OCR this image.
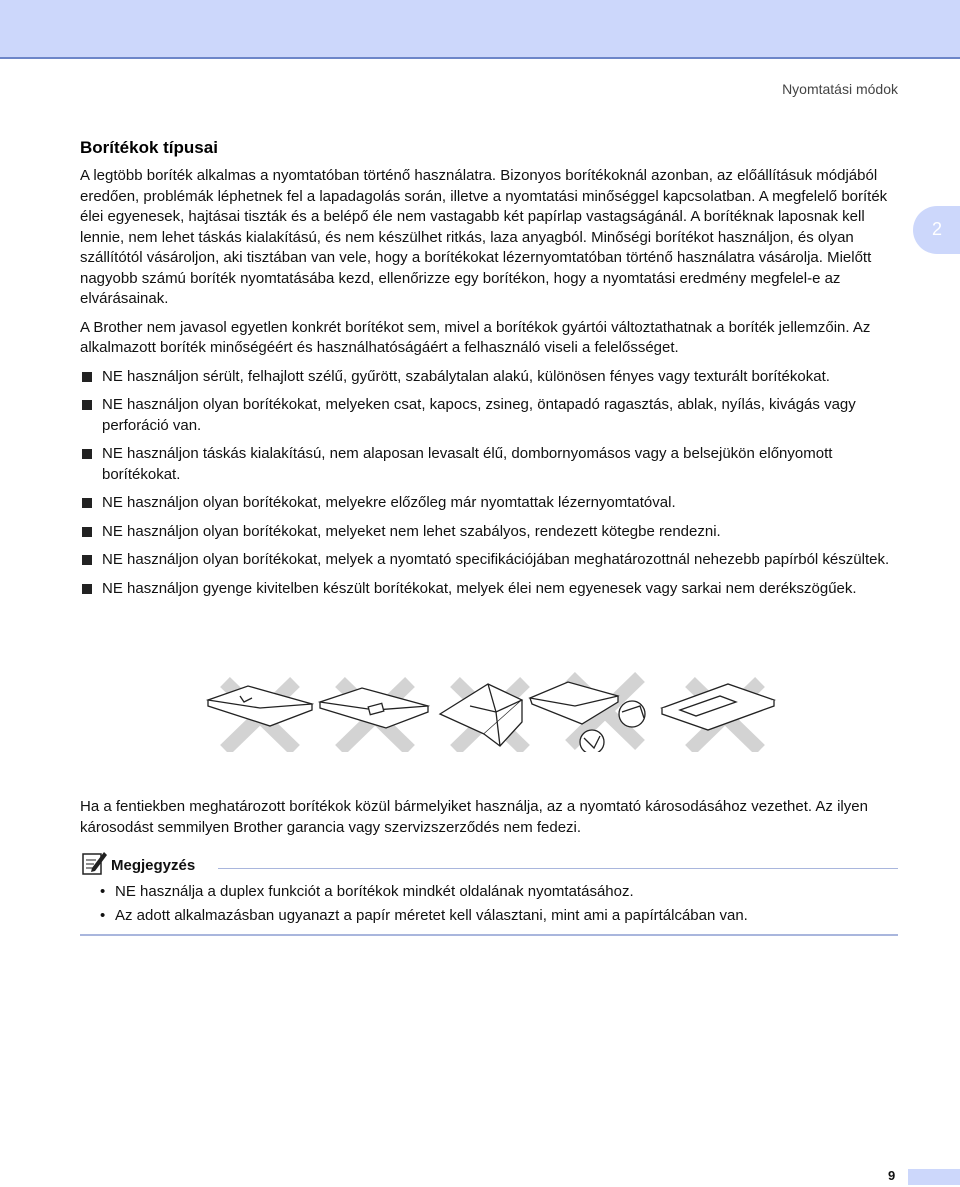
Nyomtatási módok
2
Borítékok típusai

A legtöbb boríték alkalmas a nyomtatóban történő használatra. Bizonyos borítékoknál azonban, az előállításuk módjából eredően, problémák léphetnek fel a lapadagolás során, illetve a nyomtatási minőséggel kapcsolatban. A megfelelő boríték élei egyenesek, hajtásai tiszták és a belépő éle nem vastagabb két papírlap vastagságánál. A borítéknak laposnak kell lennie, nem lehet táskás kialakítású, és nem készülhet ritkás, laza anyagból. Minőségi borítékot használjon, és olyan szállítótól vásároljon, aki tisztában van vele, hogy a borítékokat lézernyomtatóban történő használatra vásárolja. Mielőtt nagyobb számú boríték nyomtatásába kezd, ellenőrizze egy borítékon, hogy a nyomtatási eredmény megfelel-e az elvárásainak.

A Brother nem javasol egyetlen konkrét borítékot sem, mivel a borítékok gyártói változtathatnak a boríték jellemzőin. Az alkalmazott boríték minőségéért és használhatóságáért a felhasználó viseli a felelősséget.

NE használjon sérült, felhajlott szélű, gyűrött, szabálytalan alakú, különösen fényes vagy texturált borítékokat.
NE használjon olyan borítékokat, melyeken csat, kapocs, zsineg, öntapadó ragasztás, ablak, nyílás, kivágás vagy perforáció van.
NE használjon táskás kialakítású, nem alaposan levasalt élű, dombornyomásos vagy a belsejükön előnyomott borítékokat.
NE használjon olyan borítékokat, melyekre előzőleg már nyomtattak lézernyomtatóval.
NE használjon olyan borítékokat, melyeket nem lehet szabályos, rendezett kötegbe rendezni.
NE használjon olyan borítékokat, melyek a nyomtató specifikációjában meghatározottnál nehezebb papírból készültek.
NE használjon gyenge kivitelben készült borítékokat, melyek élei nem egyenesek vagy sarkai nem derékszögűek.

Ha a fentiekben meghatározott borítékok közül bármelyiket használja, az a nyomtató károsodásához vezethet. Az ilyen károsodást semmilyen Brother garancia vagy szervizszerződés nem fedezi.

Megjegyzés
• NE használja a duplex funkciót a borítékok mindkét oldalának nyomtatásához.
• Az adott alkalmazásban ugyanazt a papír méretet kell választani, mint ami a papírtálcában van.
9
